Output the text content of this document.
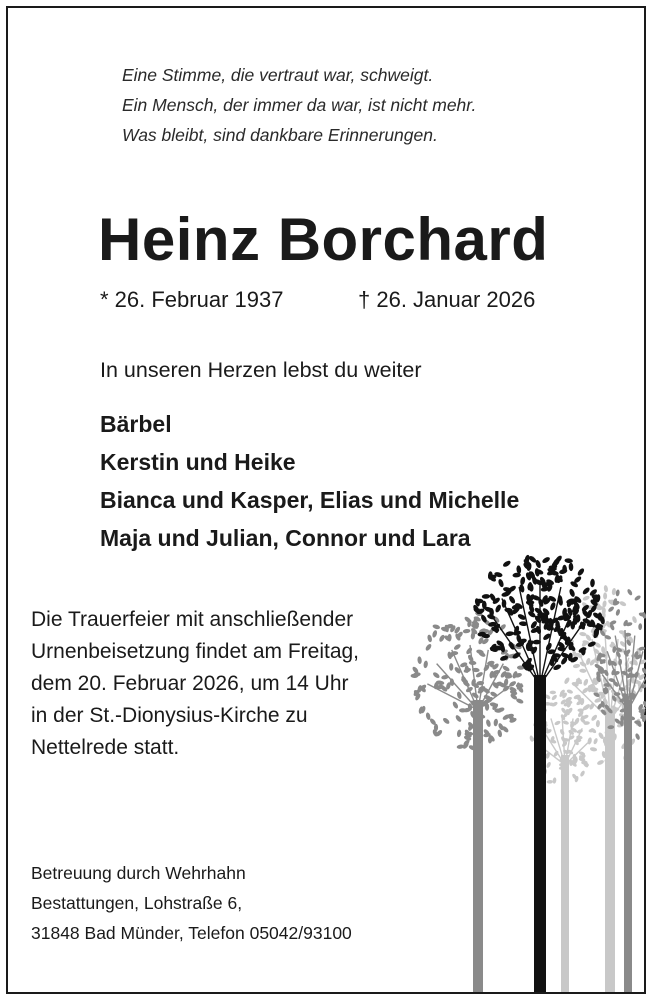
Eine Stimme, die vertraut war, schweigt.
Ein Mensch, der immer da war, ist nicht mehr.
Was bleibt, sind dankbare Erinnerungen.
Heinz Borchard
* 26. Februar 1937	† 26. Januar 2026
In unseren Herzen lebst du weiter
Bärbel
Kerstin und Heike
Bianca und Kasper, Elias und Michelle
Maja und Julian, Connor und Lara
Die Trauerfeier mit anschließender
Urnenbeisetzung findet am Freitag,
dem 20. Februar 2026, um 14 Uhr
in der St.-Dionysius-Kirche zu
Nettelrede statt.
Betreuung durch Wehrhahn
Bestattungen, Lohstraße 6,
31848 Bad Münder, Telefon 05042/93100
